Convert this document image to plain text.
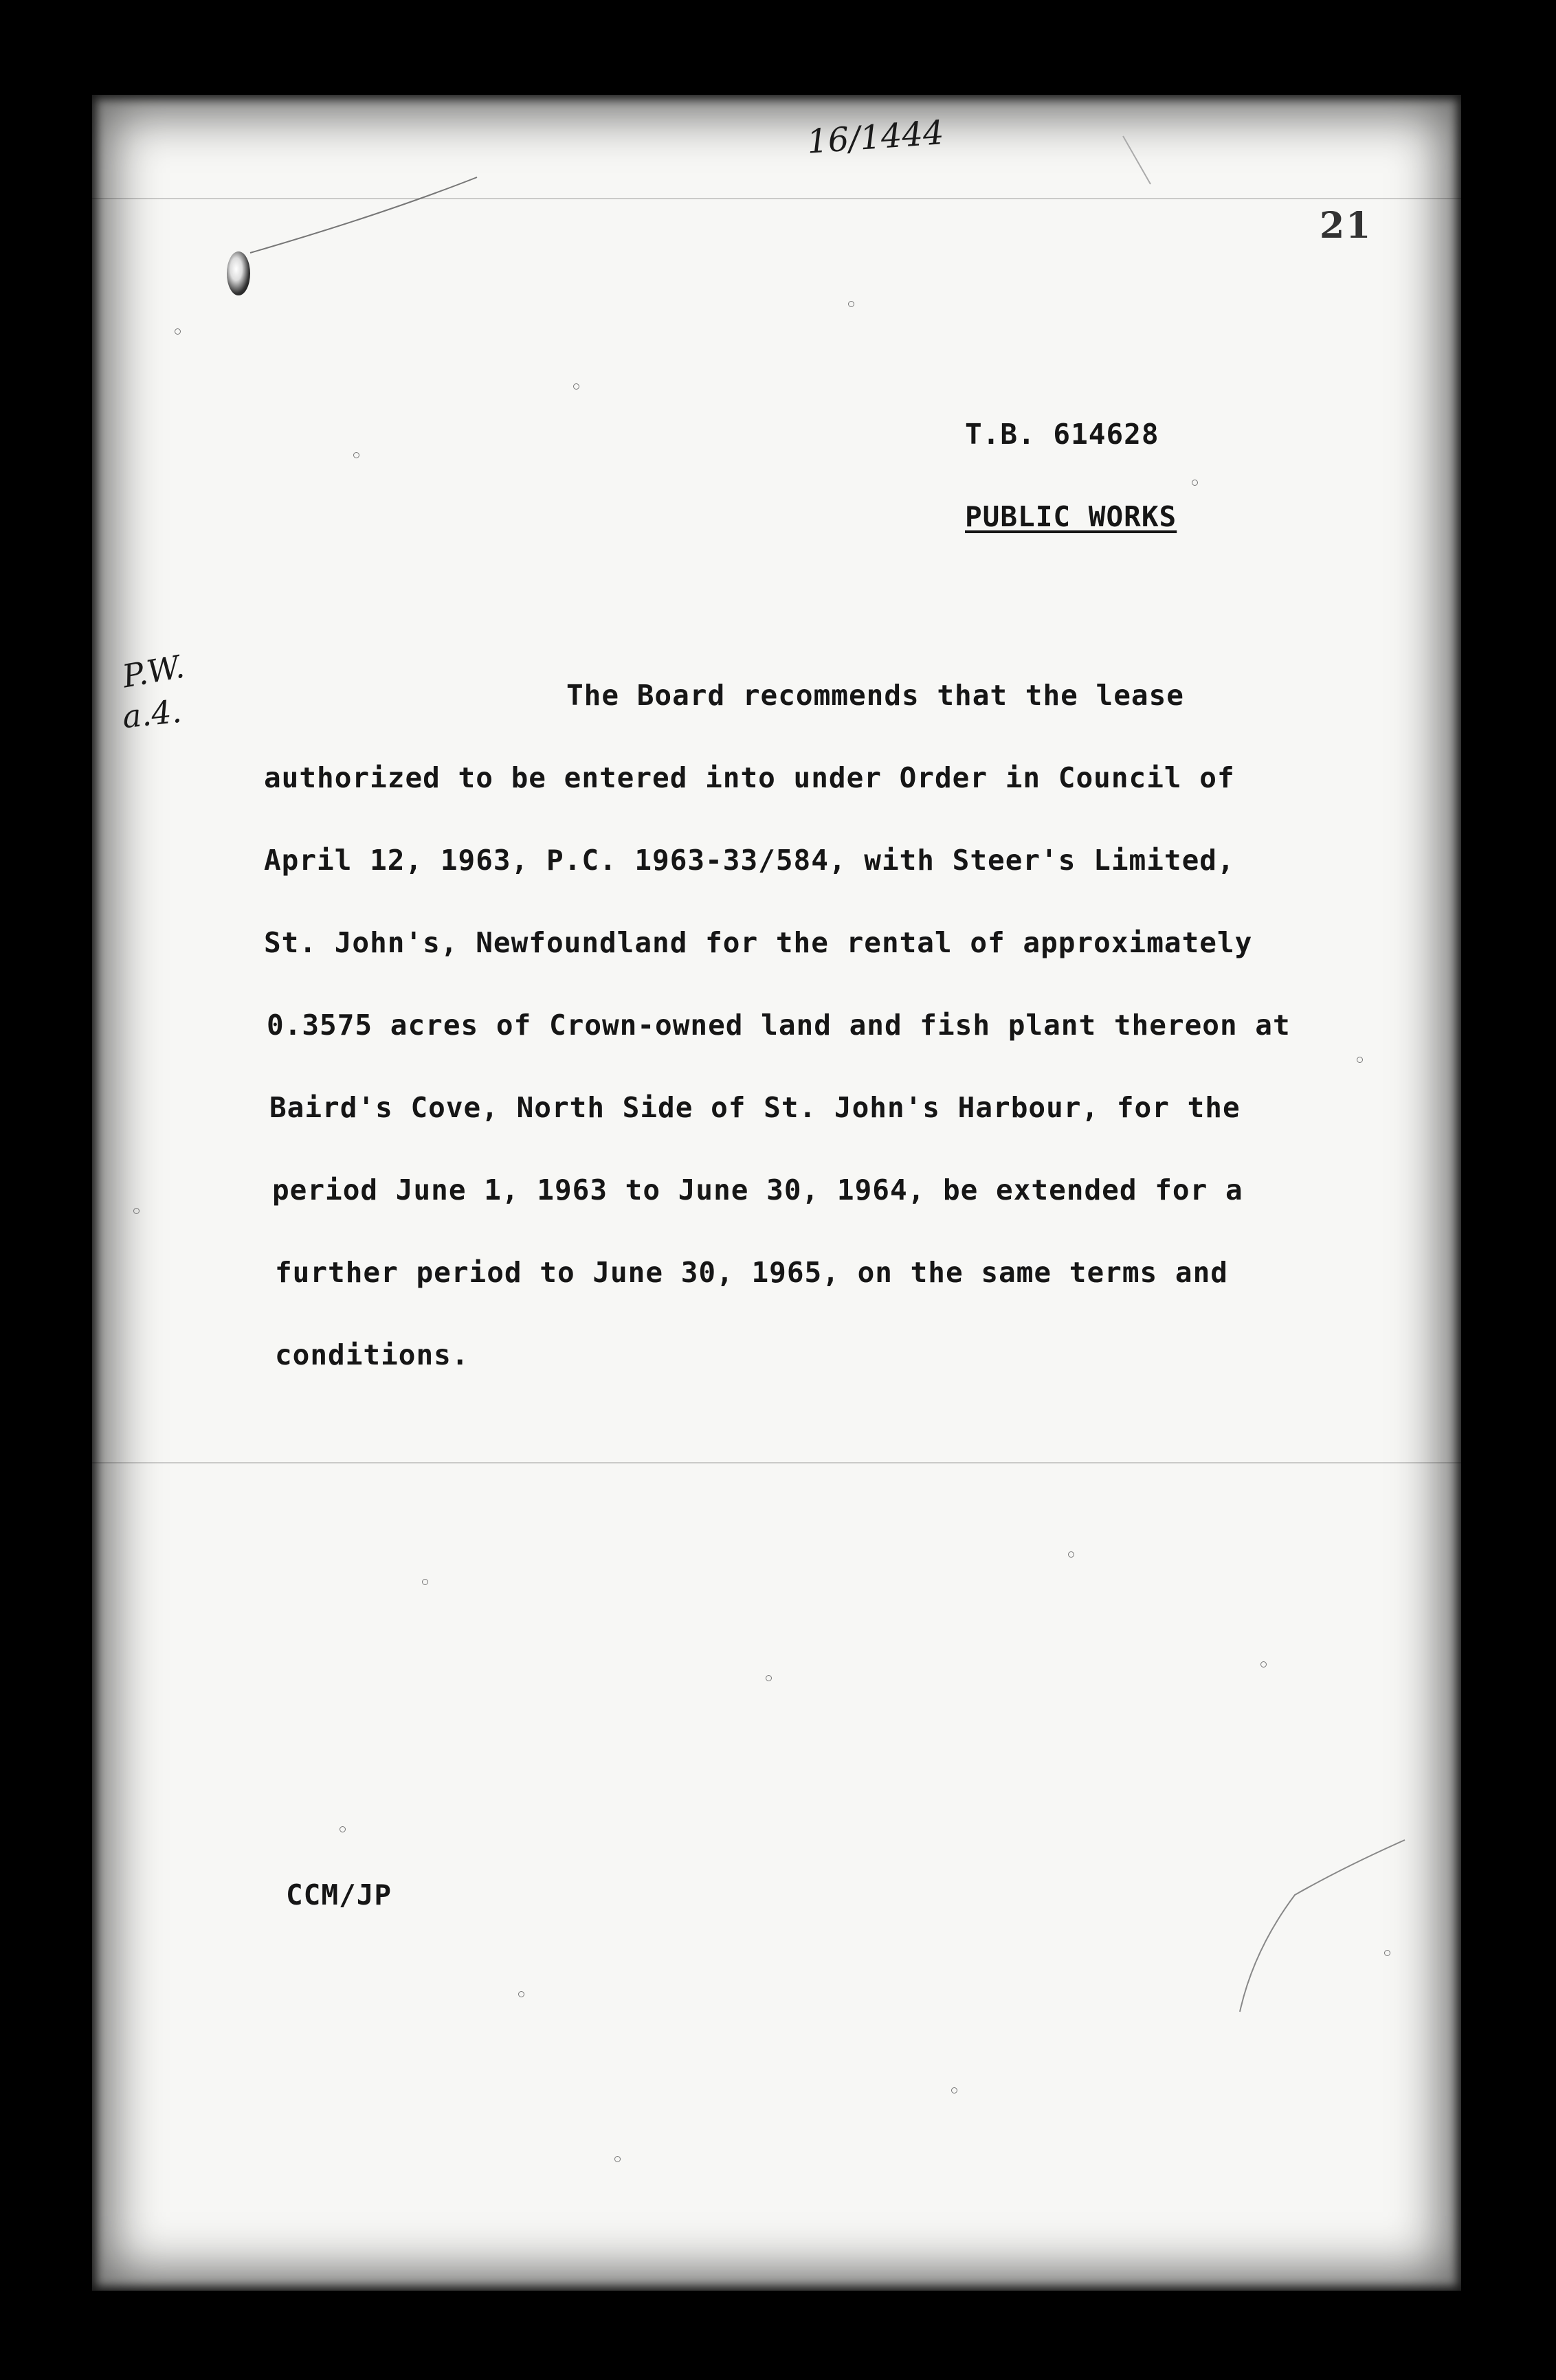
16/1444
P.W.
a.4.
21
T.B. 614628
PUBLIC WORKS
The Board recommends that the lease
authorized to be entered into under Order in Council of
April 12, 1963, P.C. 1963-33/584, with Steer's Limited,
St. John's, Newfoundland for the rental of approximately
0.3575 acres of Crown-owned land and fish plant thereon at
Baird's Cove, North Side of St. John's Harbour, for the
period June 1, 1963 to June 30, 1964, be extended for a
further period to June 30, 1965, on the same terms and
conditions.
CCM/JP
